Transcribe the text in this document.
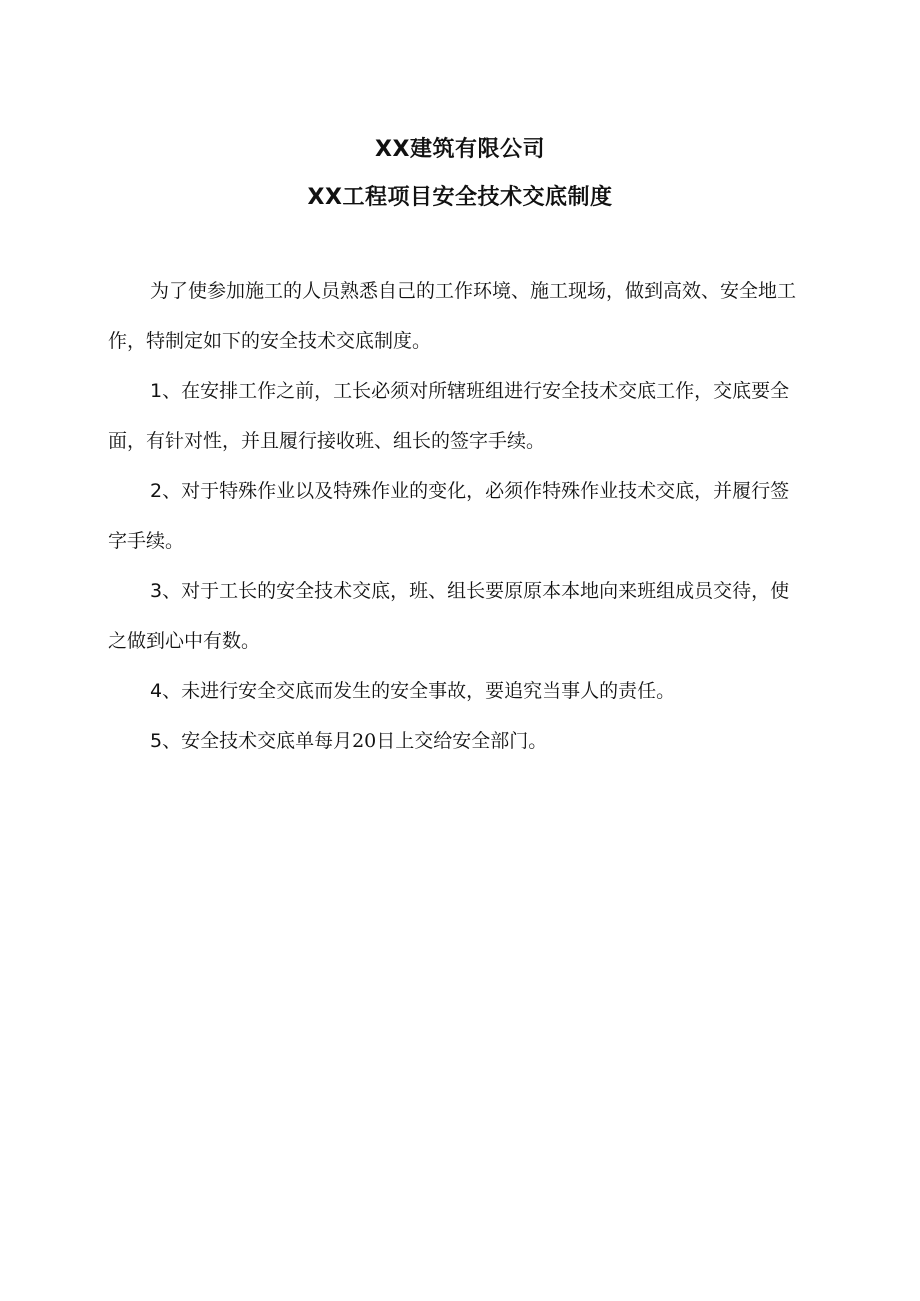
XX建筑有限公司
XX工程项目安全技术交底制度

为了使参加施工的人员熟悉自己的工作环境、施工现场，做到高效、安全地工作，特制定如下的安全技术交底制度。

1、在安排工作之前，工长必须对所辖班组进行安全技术交底工作，交底要全面，有针对性，并且履行接收班、组长的签字手续。

2、对于特殊作业以及特殊作业的变化，必须作特殊作业技术交底，并履行签字手续。

3、对于工长的安全技术交底，班、组长要原原本本地向来班组成员交待，使之做到心中有数。

4、未进行安全交底而发生的安全事故，要追究当事人的责任。

5、安全技术交底单每月20日上交给安全部门。
